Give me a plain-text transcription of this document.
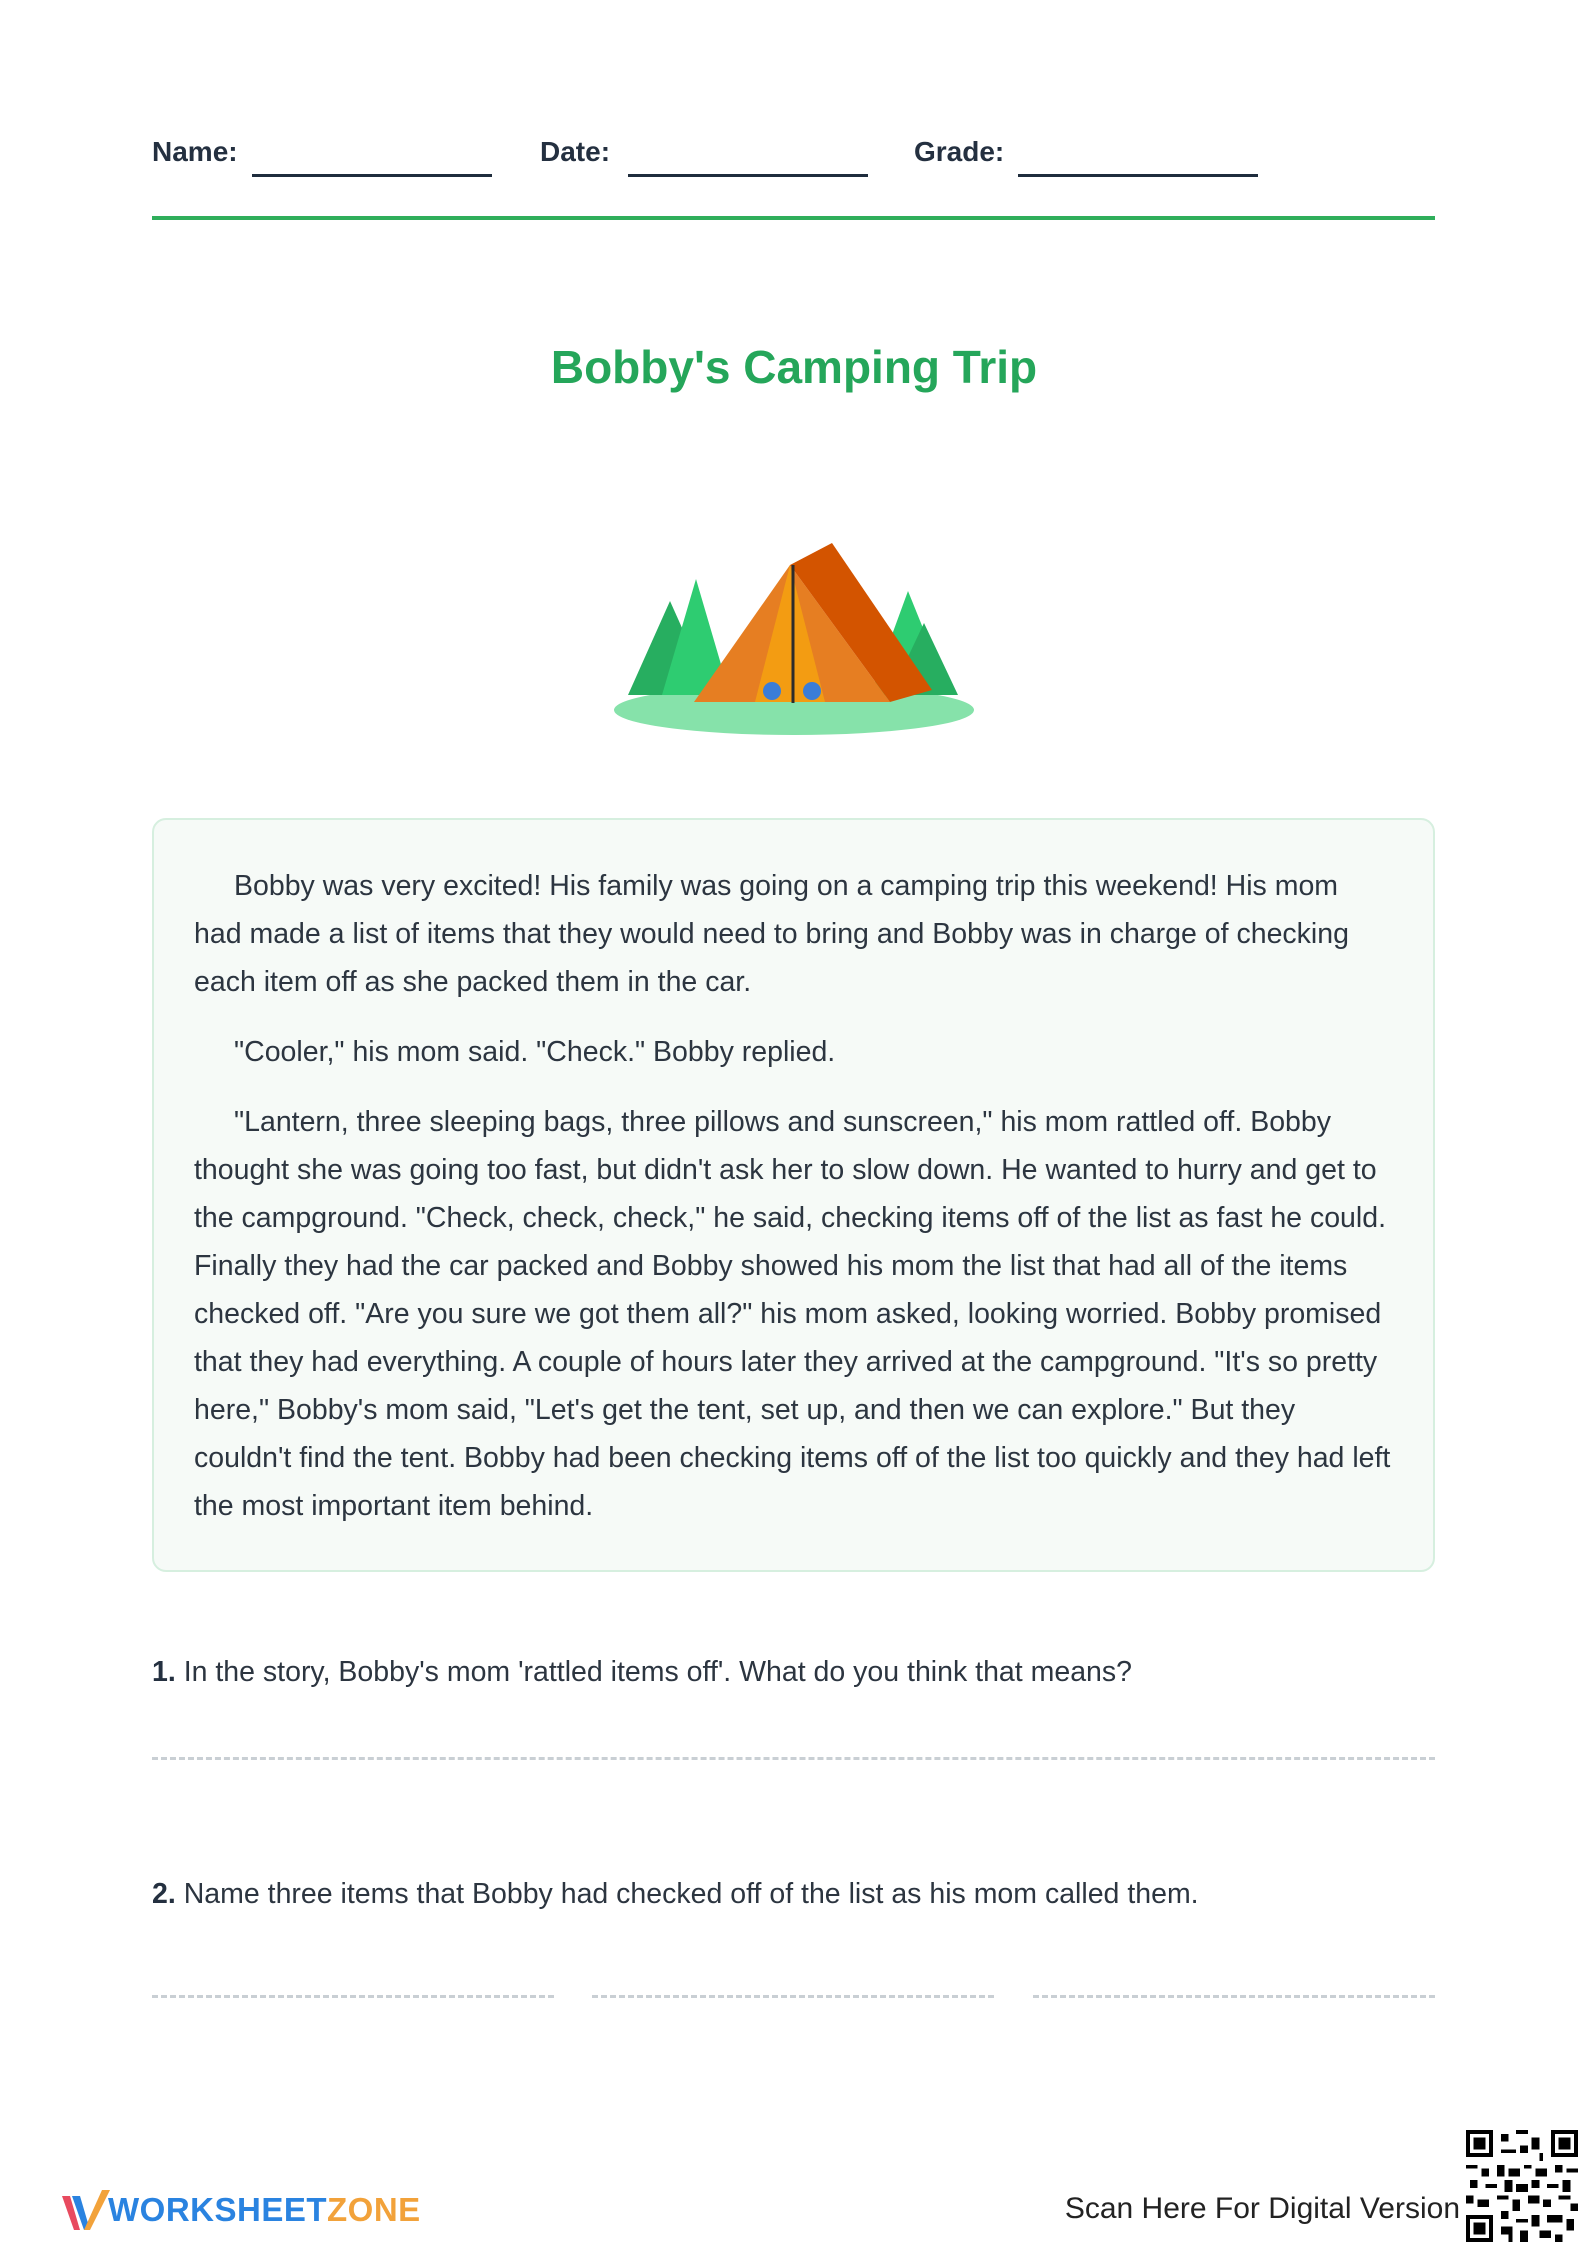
Name:	Date:	Grade:
Bobby's Camping Trip

Bobby was very excited! His family was going on a camping trip this weekend! His mom had made a list of items that they would need to bring and Bobby was in charge of checking each item off as she packed them in the car.

"Cooler," his mom said. "Check." Bobby replied.

"Lantern, three sleeping bags, three pillows and sunscreen," his mom rattled off. Bobby thought she was going too fast, but didn't ask her to slow down. He wanted to hurry and get to the campground. "Check, check, check," he said, checking items off of the list as fast he could. Finally they had the car packed and Bobby showed his mom the list that had all of the items checked off. "Are you sure we got them all?" his mom asked, looking worried. Bobby promised that they had everything. A couple of hours later they arrived at the campground. "It's so pretty here," Bobby's mom said, "Let's get the tent, set up, and then we can explore." But they couldn't find the tent. Bobby had been checking items off of the list too quickly and they had left the most important item behind.

1. In the story, Bobby's mom 'rattled items off'. What do you think that means?
2. Name three items that Bobby had checked off of the list as his mom called them.
WORKSHEETZONE	Scan Here For Digital Version
